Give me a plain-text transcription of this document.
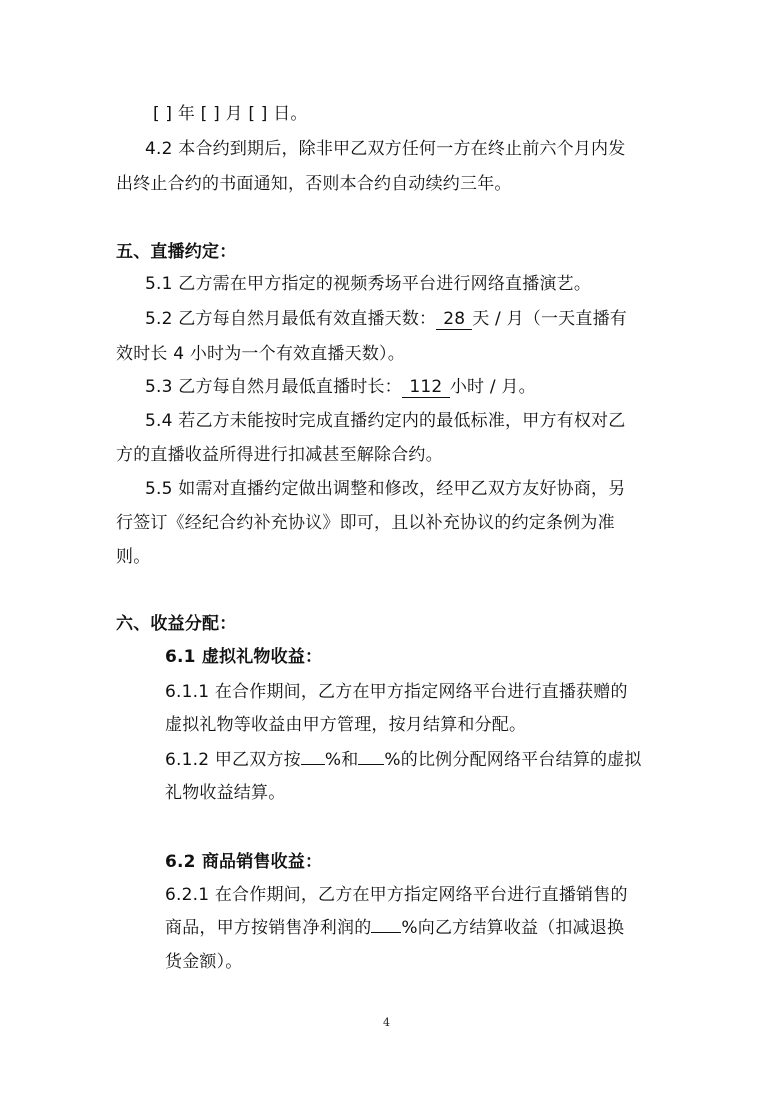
[ ] 年 [ ] 月 [ ] 日。
4.2 本合约到期后，除非甲乙双方任何一方在终止前六个月内发
出终止合约的书面通知，否则本合约自动续约三年。
五、直播约定：
5.1 乙方需在甲方指定的视频秀场平台进行网络直播演艺。
5.2 乙方每自然月最低有效直播天数： 28 天 / 月（一天直播有
效时长 4 小时为一个有效直播天数）。
5.3 乙方每自然月最低直播时长： 112 小时 / 月。
5.4 若乙方未能按时完成直播约定内的最低标准，甲方有权对乙
方的直播收益所得进行扣减甚至解除合约。
5.5 如需对直播约定做出调整和修改，经甲乙双方友好协商，另
行签订《经纪合约补充协议》即可，且以补充协议的约定条例为准
则。
六、收益分配：
6.1 虚拟礼物收益：
6.1.1 在合作期间，乙方在甲方指定网络平台进行直播获赠的
虚拟礼物等收益由甲方管理，按月结算和分配。
6.1.2 甲乙双方按 %和 %的比例分配网络平台结算的虚拟
礼物收益结算。
6.2 商品销售收益：
6.2.1 在合作期间，乙方在甲方指定网络平台进行直播销售的
商品，甲方按销售净利润的 %向乙方结算收益（扣减退换
货金额）。
4
